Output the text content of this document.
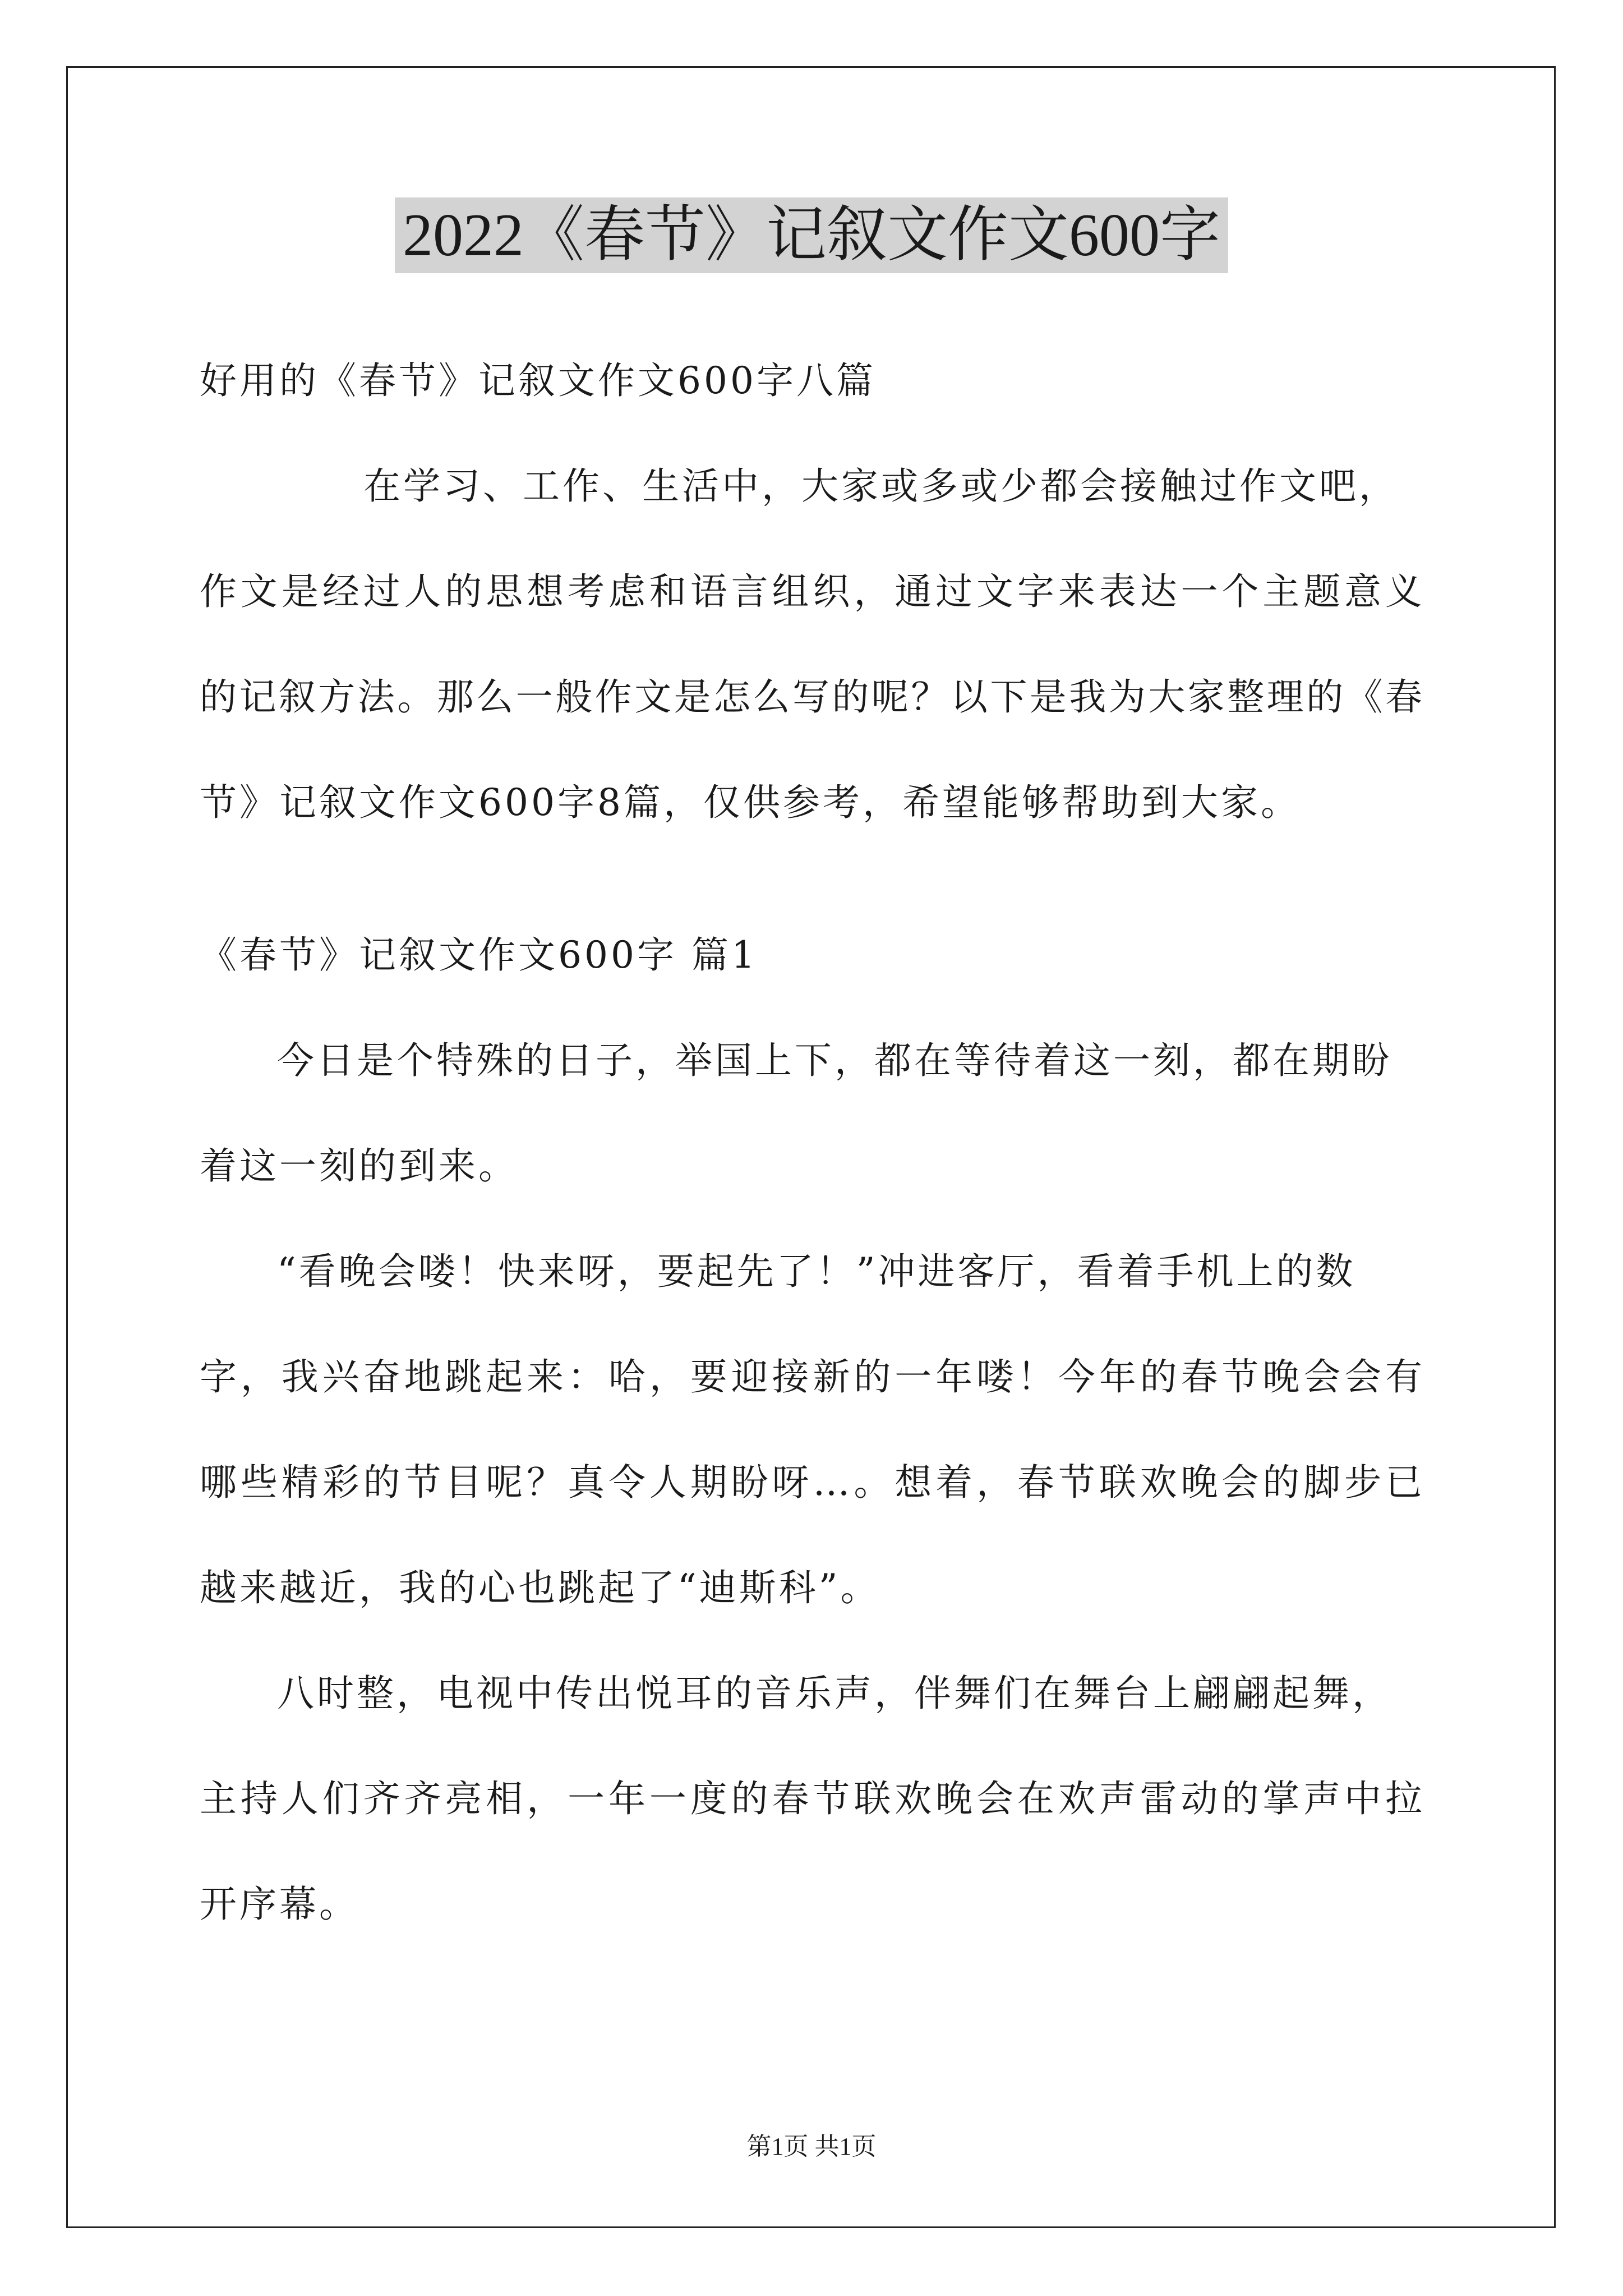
2022《春节》记叙文作文600字
好用的《春节》记叙文作文600字八篇
在学习、工作、生活中，大家或多或少都会接触过作文吧，
作文是经过人的思想考虑和语言组织，通过文字来表达一个主题意义
的记叙方法。那么一般作文是怎么写的呢？以下是我为大家整理的《春
节》记叙文作文600字8篇，仅供参考，希望能够帮助到大家。
《春节》记叙文作文600字 篇1
今日是个特殊的日子，举国上下，都在等待着这一刻，都在期盼
着这一刻的到来。
“看晚会喽！快来呀，要起先了！”冲进客厅，看着手机上的数
字，我兴奋地跳起来：哈，要迎接新的一年喽！今年的春节晚会会有
哪些精彩的节目呢？真令人期盼呀…。想着，春节联欢晚会的脚步已
越来越近，我的心也跳起了“迪斯科”。
八时整，电视中传出悦耳的音乐声，伴舞们在舞台上翩翩起舞，
主持人们齐齐亮相，一年一度的春节联欢晚会在欢声雷动的掌声中拉
开序幕。
第1页 共1页
